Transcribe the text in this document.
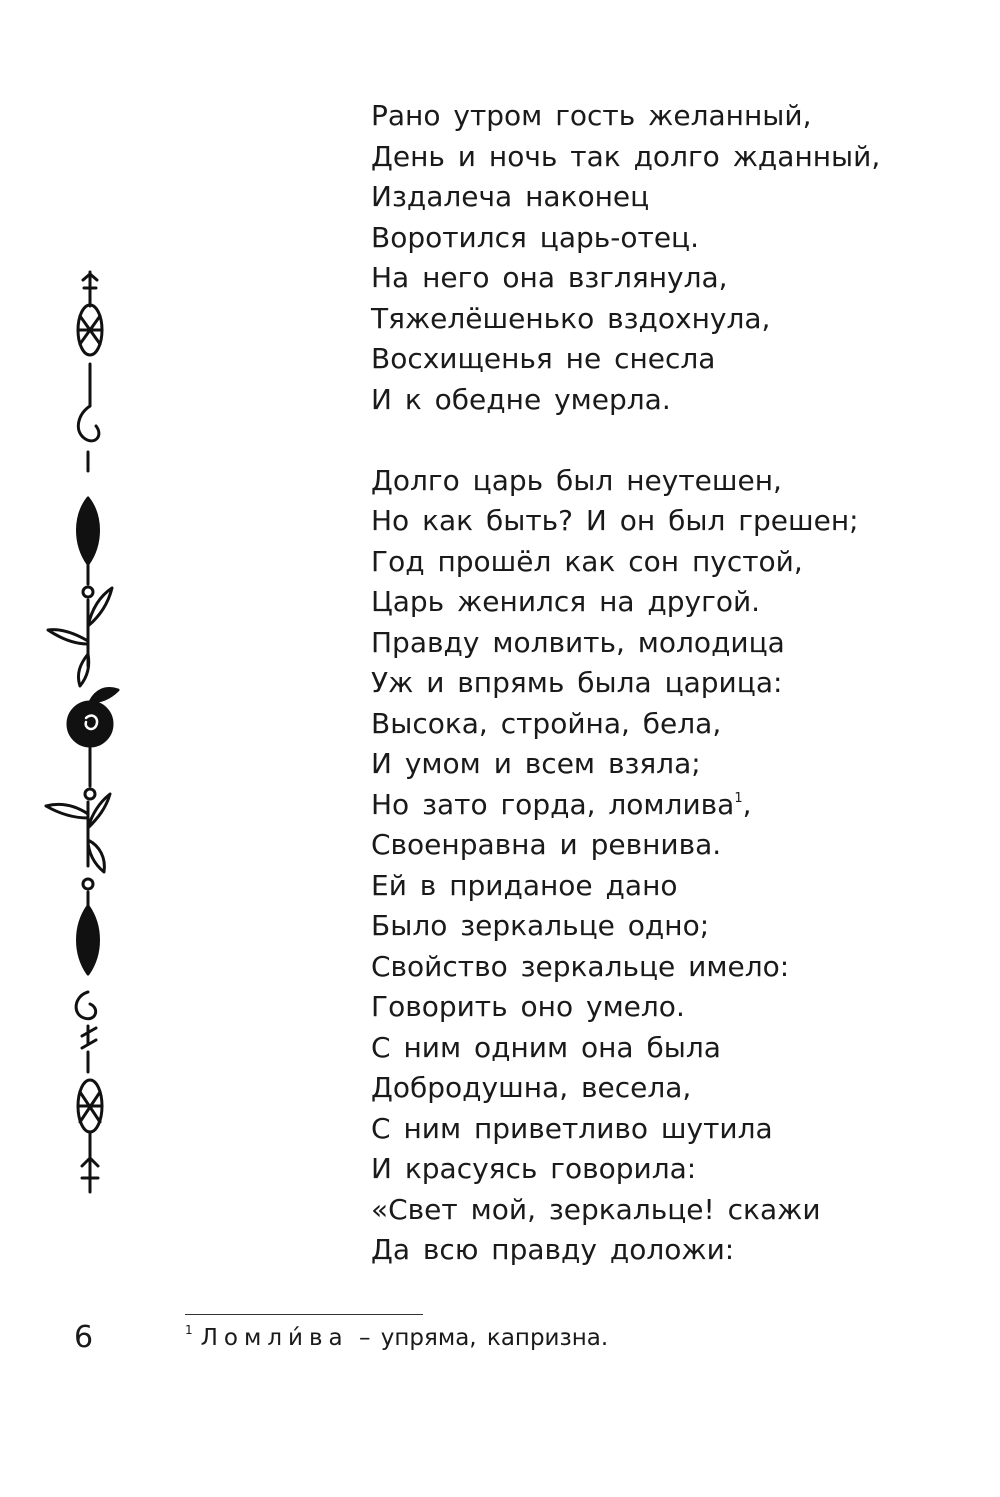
Рано утром гость желанный,
День и ночь так долго жданный,
Издалеча наконец
Воротился царь-отец.
На него она взглянула,
Тяжелёшенько вздохнула,
Восхищенья не снесла
И к обедне умерла.
Долго царь был неутешен,
Но как быть? И он был грешен;
Год прошёл как сон пустой,
Царь женился на другой.
Правду молвить, молодица
Уж и впрямь была царица:
Высока, стройна, бела,
И умом и всем взяла;
Но зато горда, ломлива$^1$,
Своенравна и ревнива.
Ей в приданое дано
Было зеркальце одно;
Свойство зеркальце имело:
Говорить оно умело.
С ним одним она была
Добродушна, весела,
С ним приветливо шутила
И красуясь говорила:
«Свет мой, зеркальце! скажи
Да всю правду доложи:
$^1$ Ломли́ва – упряма, капризна.
6
